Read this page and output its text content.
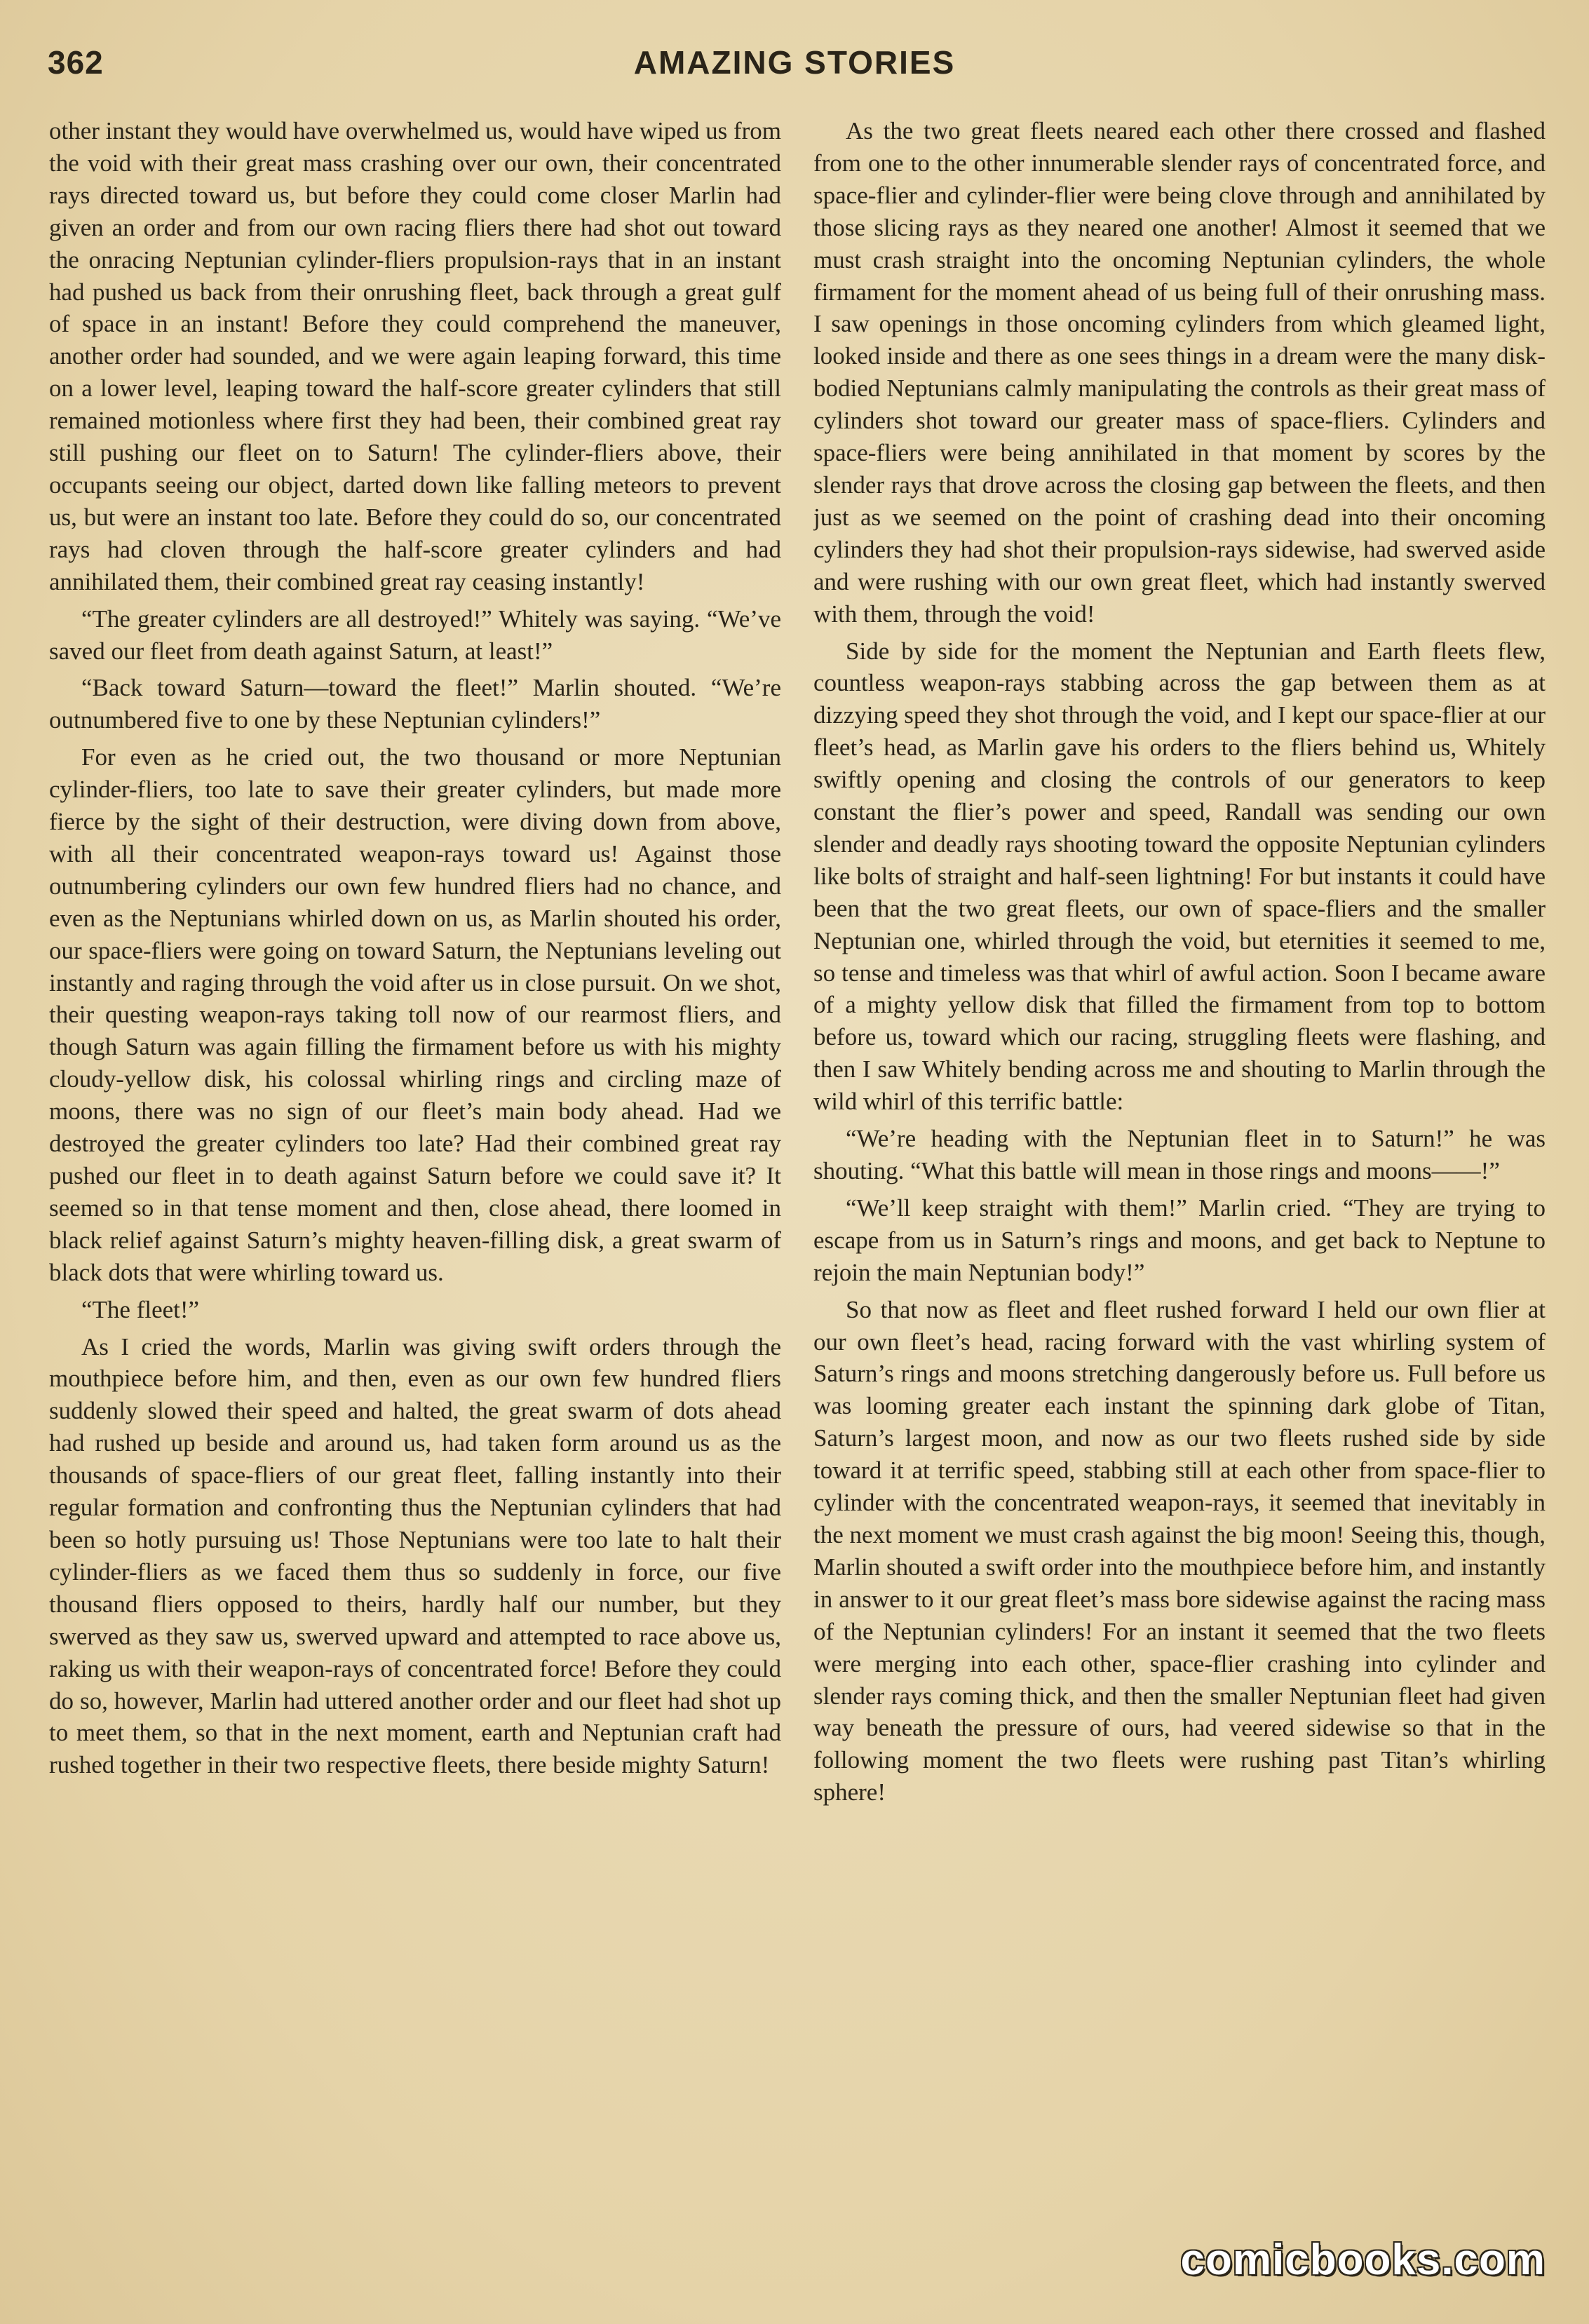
362	AMAZING STORIES

other instant they would have overwhelmed us, would have wiped us from the void with their great mass crashing over our own, their concentrated rays directed toward us, but before they could come closer Marlin had given an order and from our own racing fliers there had shot out toward the onracing Neptunian cylinder-fliers propulsion-rays that in an instant had pushed us back from their onrushing fleet, back through a great gulf of space in an instant! Before they could comprehend the maneuver, another order had sounded, and we were again leaping forward, this time on a lower level, leaping toward the half-score greater cylinders that still remained motionless where first they had been, their combined great ray still pushing our fleet on to Saturn! The cylinder-fliers above, their occupants seeing our object, darted down like falling meteors to prevent us, but were an instant too late. Before they could do so, our concentrated rays had cloven through the half-score greater cylinders and had annihilated them, their combined great ray ceasing instantly!

“The greater cylinders are all destroyed!” Whitely was saying. “We’ve saved our fleet from death against Saturn, at least!”

“Back toward Saturn—toward the fleet!” Marlin shouted. “We’re outnumbered five to one by these Neptunian cylinders!”

For even as he cried out, the two thousand or more Neptunian cylinder-fliers, too late to save their greater cylinders, but made more fierce by the sight of their destruction, were diving down from above, with all their concentrated weapon-rays toward us! Against those outnumbering cylinders our own few hundred fliers had no chance, and even as the Neptunians whirled down on us, as Marlin shouted his order, our space-fliers were going on toward Saturn, the Neptunians leveling out instantly and raging through the void after us in close pursuit. On we shot, their questing weapon-rays taking toll now of our rearmost fliers, and though Saturn was again filling the firmament before us with his mighty cloudy-yellow disk, his colossal whirling rings and circling maze of moons, there was no sign of our fleet’s main body ahead. Had we destroyed the greater cylinders too late? Had their combined great ray pushed our fleet in to death against Saturn before we could save it? It seemed so in that tense moment and then, close ahead, there loomed in black relief against Saturn’s mighty heaven-filling disk, a great swarm of black dots that were whirling toward us.

“The fleet!”

As I cried the words, Marlin was giving swift orders through the mouthpiece before him, and then, even as our own few hundred fliers suddenly slowed their speed and halted, the great swarm of dots ahead had rushed up beside and around us, had taken form around us as the thousands of space-fliers of our great fleet, falling instantly into their regular formation and confronting thus the Neptunian cylinders that had been so hotly pursuing us! Those Neptunians were too late to halt their cylinder-fliers as we faced them thus so suddenly in force, our five thousand fliers opposed to theirs, hardly half our number, but they swerved as they saw us, swerved upward and attempted to race above us, raking us with their weapon-rays of concentrated force! Before they could do so, however, Marlin had uttered another order and our fleet had shot up to meet them, so that in the next moment, earth and Neptunian craft had rushed together in their two respective fleets, there beside mighty Saturn!

As the two great fleets neared each other there crossed and flashed from one to the other innumerable slender rays of concentrated force, and space-flier and cylinder-flier were being clove through and annihilated by those slicing rays as they neared one another! Almost it seemed that we must crash straight into the oncoming Neptunian cylinders, the whole firmament for the moment ahead of us being full of their onrushing mass. I saw openings in those oncoming cylinders from which gleamed light, looked inside and there as one sees things in a dream were the many disk-bodied Neptunians calmly manipulating the controls as their great mass of cylinders shot toward our greater mass of space-fliers. Cylinders and space-fliers were being annihilated in that moment by scores by the slender rays that drove across the closing gap between the fleets, and then just as we seemed on the point of crashing dead into their oncoming cylinders they had shot their propulsion-rays sidewise, had swerved aside and were rushing with our own great fleet, which had instantly swerved with them, through the void!

Side by side for the moment the Neptunian and Earth fleets flew, countless weapon-rays stabbing across the gap between them as at dizzying speed they shot through the void, and I kept our space-flier at our fleet’s head, as Marlin gave his orders to the fliers behind us, Whitely swiftly opening and closing the controls of our generators to keep constant the flier’s power and speed, Randall was sending our own slender and deadly rays shooting toward the opposite Neptunian cylinders like bolts of straight and half-seen lightning! For but instants it could have been that the two great fleets, our own of space-fliers and the smaller Neptunian one, whirled through the void, but eternities it seemed to me, so tense and timeless was that whirl of awful action. Soon I became aware of a mighty yellow disk that filled the firmament from top to bottom before us, toward which our racing, struggling fleets were flashing, and then I saw Whitely bending across me and shouting to Marlin through the wild whirl of this terrific battle:

“We’re heading with the Neptunian fleet in to Saturn!” he was shouting. “What this battle will mean in those rings and moons——!”

“We’ll keep straight with them!” Marlin cried. “They are trying to escape from us in Saturn’s rings and moons, and get back to Neptune to rejoin the main Neptunian body!”

So that now as fleet and fleet rushed forward I held our own flier at our own fleet’s head, racing forward with the vast whirling system of Saturn’s rings and moons stretching dangerously before us. Full before us was looming greater each instant the spinning dark globe of Titan, Saturn’s largest moon, and now as our two fleets rushed side by side toward it at terrific speed, stabbing still at each other from space-flier to cylinder with the concentrated weapon-rays, it seemed that inevitably in the next moment we must crash against the big moon! Seeing this, though, Marlin shouted a swift order into the mouthpiece before him, and instantly in answer to it our great fleet’s mass bore sidewise against the racing mass of the Neptunian cylinders! For an instant it seemed that the two fleets were merging into each other, space-flier crashing into cylinder and slender rays coming thick, and then the smaller Neptunian fleet had given way beneath the pressure of ours, had veered sidewise so that in the following moment the two fleets were rushing past Titan’s whirling sphere!

comicbooks.com
